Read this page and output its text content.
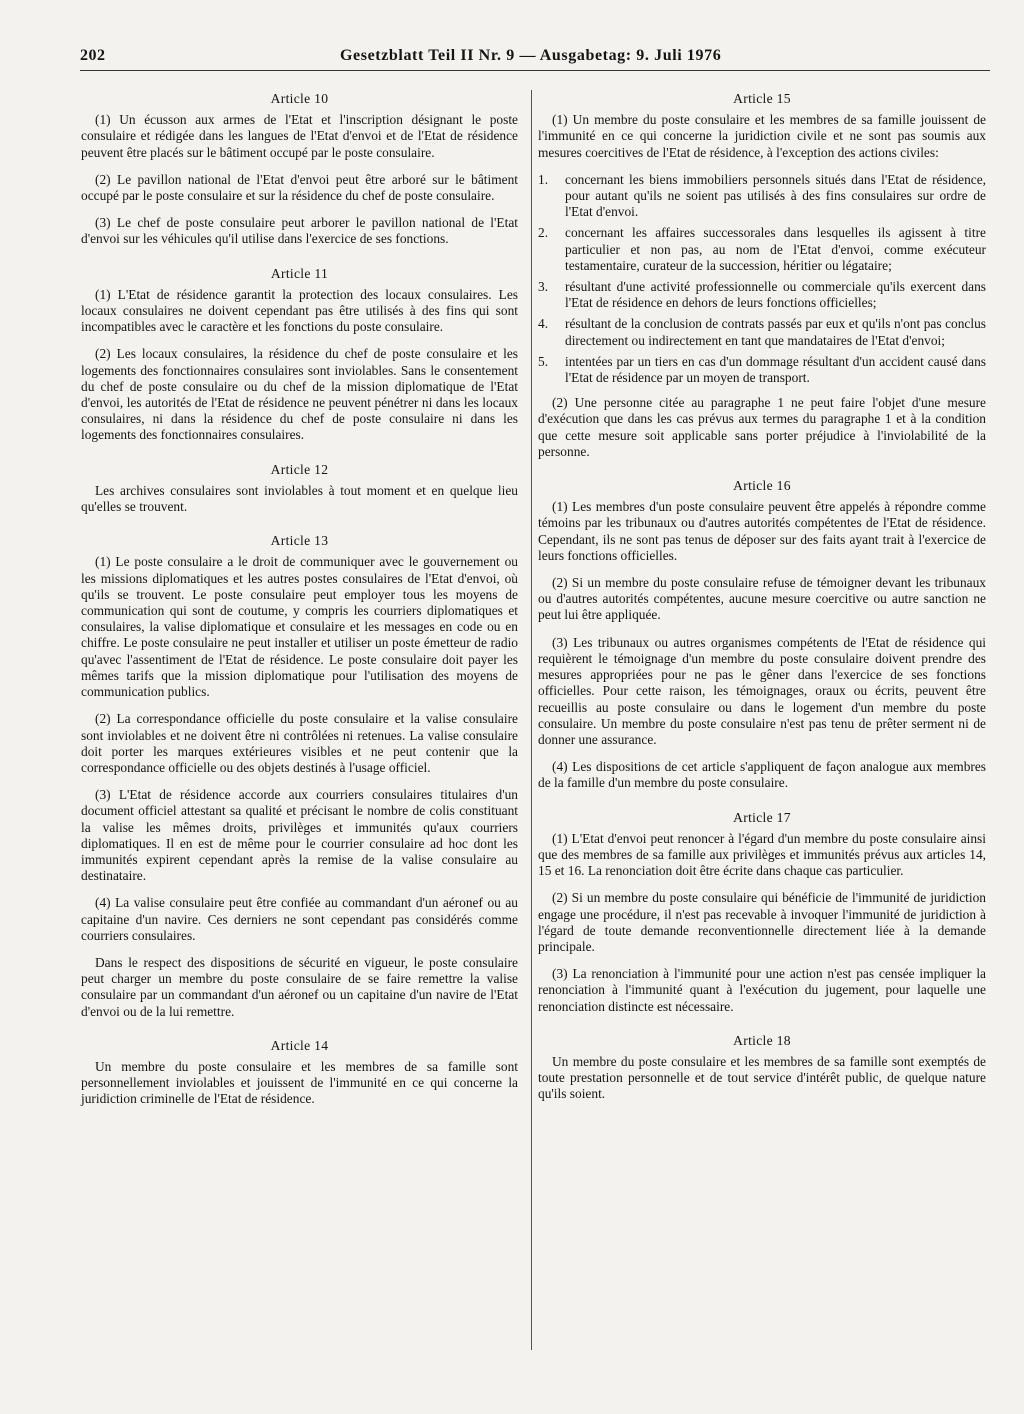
202	Gesetzblatt Teil II Nr. 9 — Ausgabetag: 9. Juli 1976
Article 10

(1) Un écusson aux armes de l'Etat et l'inscription désignant le poste consulaire et rédigée dans les langues de l'Etat d'envoi et de l'Etat de résidence peuvent être placés sur le bâtiment occupé par le poste consulaire.

(2) Le pavillon national de l'Etat d'envoi peut être arboré sur le bâtiment occupé par le poste consulaire et sur la résidence du chef de poste consulaire.

(3) Le chef de poste consulaire peut arborer le pavillon national de l'Etat d'envoi sur les véhicules qu'il utilise dans l'exercice de ses fonctions.

Article 11

(1) L'Etat de résidence garantit la protection des locaux consulaires. Les locaux consulaires ne doivent cependant pas être utilisés à des fins qui sont incompatibles avec le caractère et les fonctions du poste consulaire.

(2) Les locaux consulaires, la résidence du chef de poste consulaire et les logements des fonctionnaires consulaires sont inviolables. Sans le consentement du chef de poste consulaire ou du chef de la mission diplomatique de l'Etat d'envoi, les autorités de l'Etat de résidence ne peuvent pénétrer ni dans les locaux consulaires, ni dans la résidence du chef de poste consulaire ni dans les logements des fonctionnaires consulaires.

Article 12

Les archives consulaires sont inviolables à tout moment et en quelque lieu qu'elles se trouvent.

Article 13

(1) Le poste consulaire a le droit de communiquer avec le gouvernement ou les missions diplomatiques et les autres postes consulaires de l'Etat d'envoi, où qu'ils se trouvent. Le poste consulaire peut employer tous les moyens de communication qui sont de coutume, y compris les courriers diplomatiques et consulaires, la valise diplomatique et consulaire et les messages en code ou en chiffre. Le poste consulaire ne peut installer et utiliser un poste émetteur de radio qu'avec l'assentiment de l'Etat de résidence. Le poste consulaire doit payer les mêmes tarifs que la mission diplomatique pour l'utilisation des moyens de communication publics.

(2) La correspondance officielle du poste consulaire et la valise consulaire sont inviolables et ne doivent être ni contrôlées ni retenues. La valise consulaire doit porter les marques extérieures visibles et ne peut contenir que la correspondance officielle ou des objets destinés à l'usage officiel.

(3) L'Etat de résidence accorde aux courriers consulaires titulaires d'un document officiel attestant sa qualité et précisant le nombre de colis constituant la valise les mêmes droits, privilèges et immunités qu'aux courriers diplomatiques. Il en est de même pour le courrier consulaire ad hoc dont les immunités expirent cependant après la remise de la valise consulaire au destinataire.

(4) La valise consulaire peut être confiée au commandant d'un aéronef ou au capitaine d'un navire. Ces derniers ne sont cependant pas considérés comme courriers consulaires.

Dans le respect des dispositions de sécurité en vigueur, le poste consulaire peut charger un membre du poste consulaire de se faire remettre la valise consulaire par un commandant d'un aéronef ou un capitaine d'un navire de l'Etat d'envoi ou de la lui remettre.

Article 14

Un membre du poste consulaire et les membres de sa famille sont personnellement inviolables et jouissent de l'immunité en ce qui concerne la juridiction criminelle de l'Etat de résidence.

Article 15

(1) Un membre du poste consulaire et les membres de sa famille jouissent de l'immunité en ce qui concerne la juridiction civile et ne sont pas soumis aux mesures coercitives de l'Etat de résidence, à l'exception des actions civiles:

1. concernant les biens immobiliers personnels situés dans l'Etat de résidence, pour autant qu'ils ne soient pas utilisés à des fins consulaires sur ordre de l'Etat d'envoi.
2. concernant les affaires successorales dans lesquelles ils agissent à titre particulier et non pas, au nom de l'Etat d'envoi, comme exécuteur testamentaire, curateur de la succession, héritier ou légataire;
3. résultant d'une activité professionnelle ou commerciale qu'ils exercent dans l'Etat de résidence en dehors de leurs fonctions officielles;
4. résultant de la conclusion de contrats passés par eux et qu'ils n'ont pas conclus directement ou indirectement en tant que mandataires de l'Etat d'envoi;
5. intentées par un tiers en cas d'un dommage résultant d'un accident causé dans l'Etat de résidence par un moyen de transport.

(2) Une personne citée au paragraphe 1 ne peut faire l'objet d'une mesure d'exécution que dans les cas prévus aux termes du paragraphe 1 et à la condition que cette mesure soit applicable sans porter préjudice à l'inviolabilité de la personne.

Article 16

(1) Les membres d'un poste consulaire peuvent être appelés à répondre comme témoins par les tribunaux ou d'autres autorités compétentes de l'Etat de résidence. Cependant, ils ne sont pas tenus de déposer sur des faits ayant trait à l'exercice de leurs fonctions officielles.

(2) Si un membre du poste consulaire refuse de témoigner devant les tribunaux ou d'autres autorités compétentes, aucune mesure coercitive ou autre sanction ne peut lui être appliquée.

(3) Les tribunaux ou autres organismes compétents de l'Etat de résidence qui requièrent le témoignage d'un membre du poste consulaire doivent prendre des mesures appropriées pour ne pas le gêner dans l'exercice de ses fonctions officielles. Pour cette raison, les témoignages, oraux ou écrits, peuvent être recueillis au poste consulaire ou dans le logement d'un membre du poste consulaire. Un membre du poste consulaire n'est pas tenu de prêter serment ni de donner une assurance.

(4) Les dispositions de cet article s'appliquent de façon analogue aux membres de la famille d'un membre du poste consulaire.

Article 17

(1) L'Etat d'envoi peut renoncer à l'égard d'un membre du poste consulaire ainsi que des membres de sa famille aux privilèges et immunités prévus aux articles 14, 15 et 16. La renonciation doit être écrite dans chaque cas particulier.

(2) Si un membre du poste consulaire qui bénéficie de l'immunité de juridiction engage une procédure, il n'est pas recevable à invoquer l'immunité de juridiction à l'égard de toute demande reconventionnelle directement liée à la demande principale.

(3) La renonciation à l'immunité pour une action n'est pas censée impliquer la renonciation à l'immunité quant à l'exécution du jugement, pour laquelle une renonciation distincte est nécessaire.

Article 18

Un membre du poste consulaire et les membres de sa famille sont exemptés de toute prestation personnelle et de tout service d'intérêt public, de quelque nature qu'ils soient.
